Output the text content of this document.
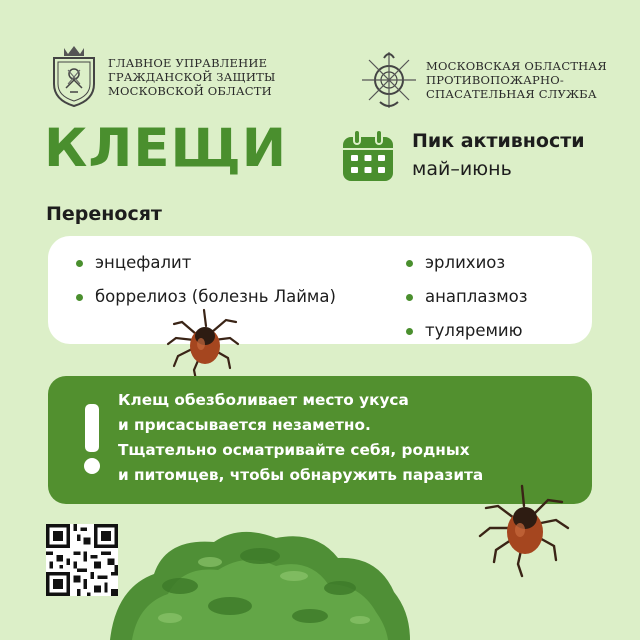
ГЛАВНОЕ УПРАВЛЕНИЕ
ГРАЖДАНСКОЙ ЗАЩИТЫ
МОСКОВСКОЙ ОБЛАСТИ
МОСКОВСКАЯ ОБЛАСТНАЯ
ПРОТИВОПОЖАРНО-
СПАСАТЕЛЬНАЯ СЛУЖБА
КЛЕЩИ	Пик активности
май–июнь
Переносят
энцефалит
боррелиоз (болезнь Лайма)
эрлихиоз
анаплазмоз
туляремию
Клещ обезболивает место укуса
и присасывается незаметно.
Тщательно осматривайте себя, родных
и питомцев, чтобы обнаружить паразита
